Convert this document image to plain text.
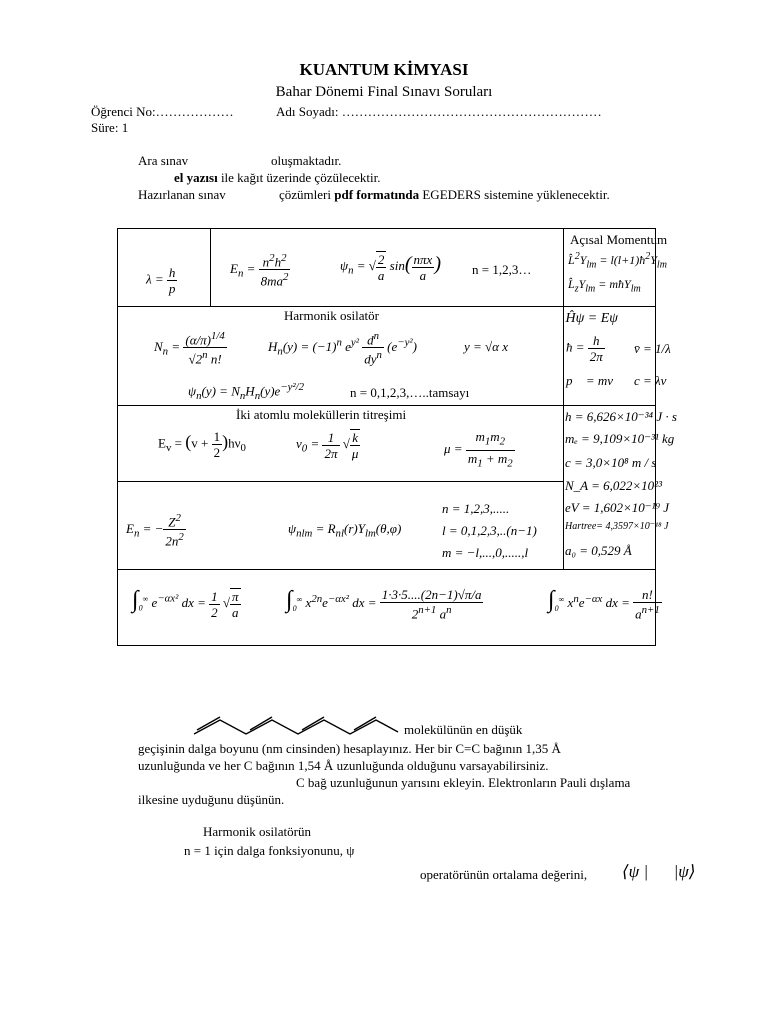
KUANTUM KİMYASI
Bahar Dönemi Final Sınavı Soruları
Öğrenci No:………………	Adı Soyadı: ……………………………………………………
Süre: 1
Ara sınav	oluşmaktadır.
el yazısı ile kağıt üzerinde çözülecektir.
Hazırlanan sınav	çözümleri pdf formatında EGEDERS sistemine yüklenecektir.
$\lambda = \frac{h}{p}$	$E_n = \frac{n^2h^2}{8ma^2}$	$\psi_n$ = √ $\frac{2}{a} \sin( \frac{\text{nπx}}{a}$ ) n = 1,2,3…
Açısal Momentum
$L̂^2Y_{lm}$ = $l(l+1)ħ^2Y_{lm}$
$L̂_zY_{lm}$ = mħY$_{lm}$
Harmonik osilatör
$N_n = \frac{(\alpha/\pi)^{1/4}}{√2^n n!}$	$H_n(y) = (-1)^n$ $e^{y^2} \frac{d^n}{dy^n} (e^{-y^2})$	y = √α x
$\psi_n(y) = N_nH_n(y)e^{-y^2/2}$	n = 0,1,2,3,…..tamsayı
Ĥψ = Eψ
ħ = $\frac{h}{2\pi}$ v̄ = 1/λ
p⃗ = mv⃗ c = λν
İki atomlu moleküllerin titreşimi
$E_v = (v + \frac{1}{2} )h\nu_0$	$\nu_0 = \frac{1}{2\pi}$ √ $\frac{k}{\mu}$	$\mu = \frac{m_1m_2}{m_1 + m_2}$
h = 6,626×10⁻³⁴ J · s
mₑ = 9,109×10⁻³¹ kg
c = 3,0×10⁸ m / s
N_A = 6,022×10²³
eV = 1,602×10⁻¹⁹ J
Hartree= 4,3597×10⁻¹⁸ J
a₀ = 0,529 Å
$E_n$ = − $\frac{Z^2}{2n^2}$	$\psi_{nlm} = R_{nl}(r)Y_{lm}(\theta,\varphi)$
n = 1,2,3,.....
l = 0,1,2,3,..(n−1)
m = −l,...,0,.....,l
$\int_0^\infty$ $e^{-\alpha x^2}$ dx = $\frac{1}{2}$ √ $\frac{\pi}{a} \int_0^\infty$ $x^{2n}e^{-\alpha x^2}$ dx = $\frac{1\cdot 3\cdot 5....(2n-1)√\pi/a}{2^{n+1} a^n}$	$\int_0^\infty$ $x^ne^{-\alpha x}$ dx = $\frac{n!}{a^{n+1}}$
molekülünün en düşük
geçişinin dalga boyunu (nm cinsinden) hesaplayınız. Her bir C=C bağının 1,35 Å
uzunluğunda ve her C bağının 1,54 Å uzunluğunda olduğunu varsayabilirsiniz.
C bağ uzunluğunun yarısını ekleyin. Elektronların Pauli dışlama
ilkesine uyduğunu düşünün.
Harmonik osilatörün
n = 1 için dalga fonksiyonunu, ψ
operatörünün ortalama değerini, ⟨ψ |      |ψ⟩
